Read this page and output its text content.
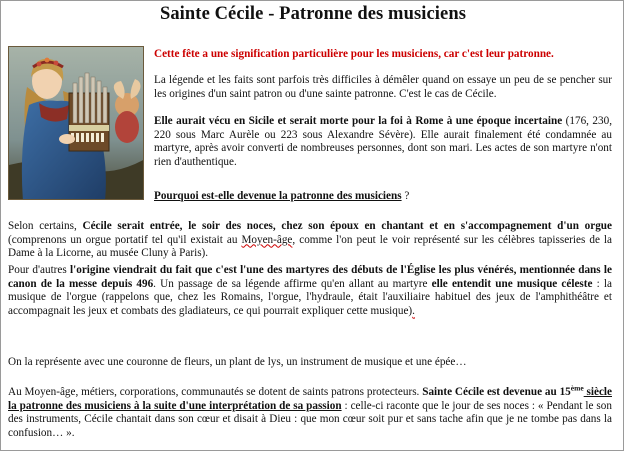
Sainte Cécile - Patronne des musiciens

Cette fête a une signification particulière pour les musiciens, car c'est leur patronne.

La légende et les faits sont parfois très difficiles à démêler quand on essaye un peu de se pencher sur les origines d'un saint patron ou d'une sainte patronne. C'est le cas de Cécile.

Elle aurait vécu en Sicile et serait morte pour la foi à Rome à une époque incertaine (176, 230, 220 sous Marc Aurèle ou 223 sous Alexandre Sévère). Elle aurait finalement été condamnée au martyre, après avoir converti de nombreuses personnes, dont son mari. Les actes de son martyre n'ont rien d'authentique.

Pourquoi est-elle devenue la patronne des musiciens ?

Selon certains, Cécile serait entrée, le soir des noces, chez son époux en chantant et en s'accompagnement d'un orgue (comprenons un orgue portatif tel qu'il existait au Moyen-âge, comme l'on peut le voir représenté sur les célèbres tapisseries de la Dame à la Licorne, au musée Cluny à Paris).

Pour d'autres l'origine viendrait du fait que c'est l'une des martyres des débuts de l'Église les plus vénérés, mentionnée dans le canon de la messe depuis 496. Un passage de sa légende affirme qu'en allant au martyre elle entendit une musique céleste : la musique de l'orgue (rappelons que, chez les Romains, l'orgue, l'hydraule, était l'auxiliaire habituel des jeux de l'amphithéâtre et accompagnait les jeux et combats des gladiateurs, ce qui pourrait expliquer cette musique).

On la représente avec une couronne de fleurs, un plant de lys, un instrument de musique et une épée…

Au Moyen-âge, métiers, corporations, communautés se dotent de saints patrons protecteurs. Sainte Cécile est devenue au 15ème siècle la patronne des musiciens à la suite d'une interprétation de sa passion : celle-ci raconte que le jour de ses noces : « Pendant le son des instruments, Cécile chantait dans son cœur et disait à Dieu : que mon cœur soit pur et sans tache afin que je ne tombe pas dans la confusion… ».
